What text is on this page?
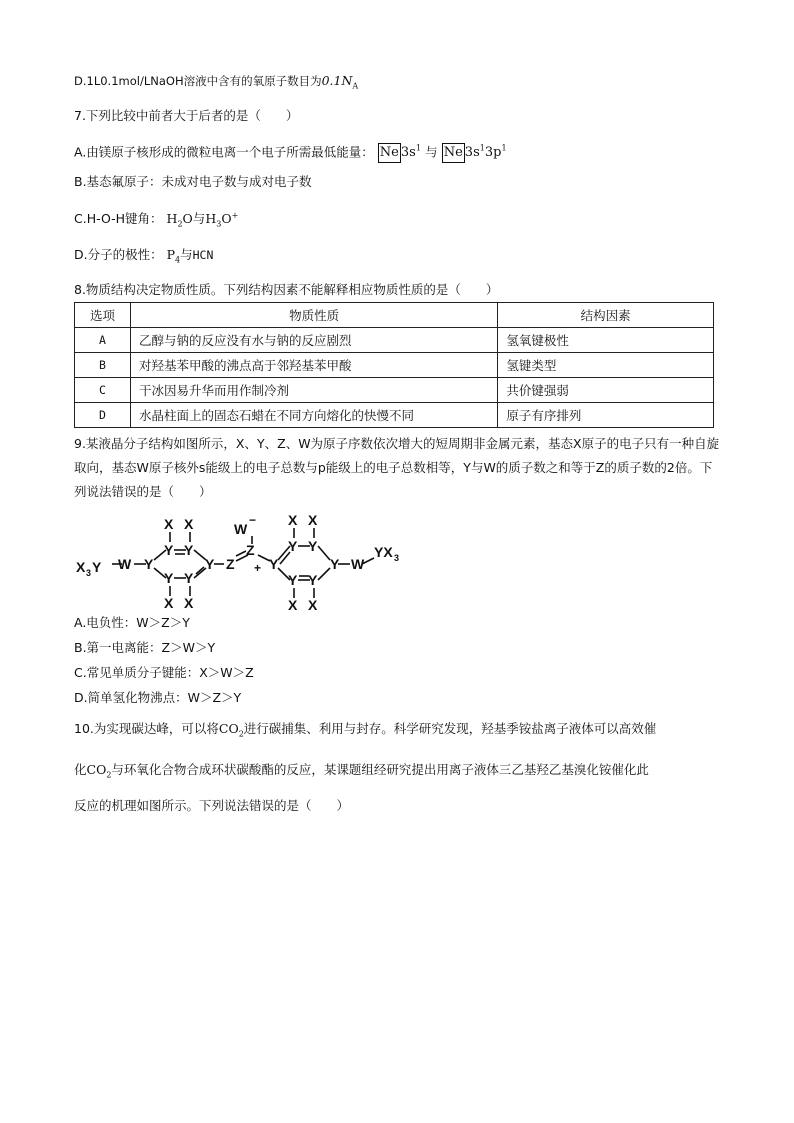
D.1L0.1mol/LNaOH溶液中含有的氧原子数目为$0.1N_A$
7.下列比较中前者大于后者的是（　　）
A.由镁原子核形成的微粒电离一个电子所需最低能量： Ne $3s^1$ 与 Ne $3s^13p^1$
B.基态氟原子：未成对电子数与成对电子数
C.H-O-H键角： $H_2O$与$H_3O^+$
D.分子的极性： $P_4$与HCN
8.物质结构决定物质性质。下列结构因素不能解释相应物质性质的是（　　）
选项	物质性质	结构因素
A	乙醇与钠的反应没有水与钠的反应剧烈	氢氧键极性
B	对羟基苯甲酸的沸点高于邻羟基苯甲酸	氢键类型
C	干冰因易升华而用作制冷剂	共价键强弱
D	水晶柱面上的固态石蜡在不同方向熔化的快慢不同	原子有序排列
9.某液晶分子结构如图所示，X、Y、Z、W为原子序数依次增大的短周期非金属元素，基态X原子的电子只有一种自旋取向，基态W原子核外s能级上的电子总数与p能级上的电子总数相等，Y与W的质子数之和等于Z的质子数的2倍。下列说法错误的是（　　）
X 3 Y W Y
Y Y
Y Y
Y
X X
X X
Z
Z
W
−
+ Y
Y Y
Y Y
Y
X X
X X
W
YX 3
A.电负性：W＞Z＞Y
B.第一电离能：Z＞W＞Y
C.常见单质分子键能：X＞W＞Z
D.简单氢化物沸点：W＞Z＞Y
10.为实现碳达峰，可以将$CO_2$进行碳捕集、利用与封存。科学研究发现，羟基季铵盐离子液体可以高效催
化$CO_2$与环氧化合物合成环状碳酸酯的反应，某课题组经研究提出用离子液体三乙基羟乙基溴化铵催化此
反应的机理如图所示。下列说法错误的是（　　）
